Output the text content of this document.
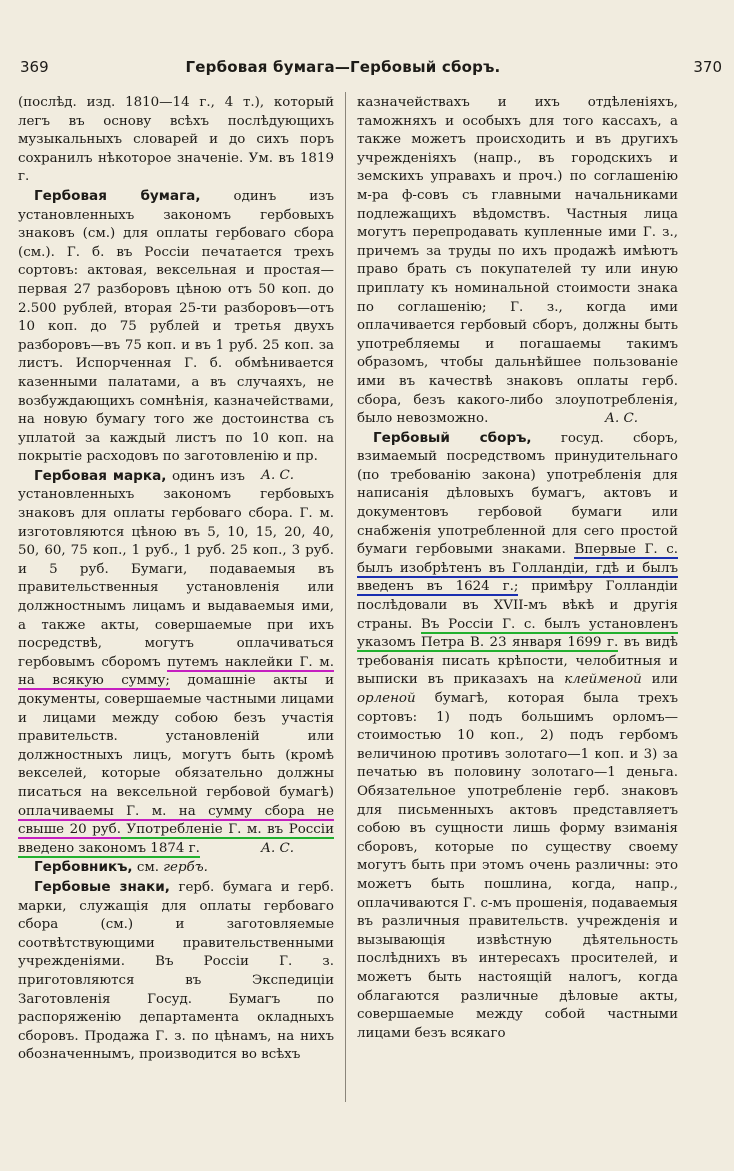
369	Гербовая бумага—Гербовый сборъ.	370

(послѣд. изд. 1810—14 г., 4 т.), который легъ въ основу всѣхъ послѣдующихъ музыкальныхъ словарей и до сихъ поръ сохранилъ нѣкоторое значеніе. Ум. въ 1819 г.

Гербовая бумага, одинъ изъ установленныхъ закономъ гербовыхъ знаковъ (см.) для оплаты гербоваго сбора (см.). Г. б. въ Россіи печатается трехъ сортовъ: актовая, вексельная и простая—первая 27 разборовъ цѣною отъ 50 коп. до 2.500 рублей, вторая 25-ти разборовъ—отъ 10 коп. до 75 рублей и третья двухъ разборовъ—въ 75 коп. и въ 1 руб. 25 коп. за листъ. Испорченная Г. б. обмѣнивается казенными палатами, а въ случаяхъ, не возбуждающихъ сомнѣнія, казначействами, на новую бумагу того же достоинства съ уплатой за каждый листъ по 10 коп. на покрытіе расходовъ по заготовленію и пр.
А. С.

Гербовая марка, одинъ изъ установленныхъ закономъ гербовыхъ знаковъ для оплаты гербоваго сбора. Г. м. изготовляются цѣною въ 5, 10, 15, 20, 40, 50, 60, 75 коп., 1 руб., 1 руб. 25 коп., 3 руб. и 5 руб. Бумаги, подаваемыя въ правительственныя установленія или должностнымъ лицамъ и выдаваемыя ими, а также акты, совершаемые при ихъ посредствѣ, могутъ оплачиваться гербовымъ сборомъ путемъ наклейки Г. м. на всякую сумму; домашніе акты и документы, совершаемые частными лицами и лицами между собою безъ участія правительств. установленій или должностныхъ лицъ, могутъ быть (кромѣ векселей, которые обязательно должны писаться на вексельной гербовой бумагѣ) оплачиваемы Г. м. на сумму сбора не свыше 20 руб. Употребленіе Г. м. въ Россіи введено закономъ 1874 г.	А. С.

Гербовникъ, см. гербъ.

Гербовые знаки, герб. бумага и герб. марки, служащія для оплаты гербоваго сбора (см.) и заготовляемые соотвѣтствующими правительственными учрежденіями. Въ Россіи Г. з. приготовляются въ Экспедиціи Заготовленія Госуд. Бумагъ по распоряженію департамента окладныхъ сборовъ. Продажа Г. з. по цѣнамъ, на нихъ обозначеннымъ, производится во всѣхъ

казначействахъ и ихъ отдѣленіяхъ, таможняхъ и особыхъ для того кассахъ, а также можетъ происходить и въ другихъ учрежденіяхъ (напр., въ городскихъ и земскихъ управахъ и проч.) по соглашенію м-ра ф-совъ съ главными начальниками подлежащихъ вѣдомствъ. Частныя лица могутъ перепродавать купленные ими Г. з., причемъ за труды по ихъ продажѣ имѣютъ право брать съ покупателей ту или иную приплату къ номинальной стоимости знака по соглашенію; Г. з., когда ими оплачивается гербовый сборъ, должны быть употребляемы и погашаемы такимъ образомъ, чтобы дальнѣйшее пользованіе ими въ качествѣ знаковъ оплаты герб. сбора, безъ какого-либо злоупотребленія, было невозможно.	А. С.

Гербовый сборъ, госуд. сборъ, взимаемый посредствомъ принудительнаго (по требованію закона) употребленія для написанія дѣловыхъ бумагъ, актовъ и документовъ гербовой бумаги или снабженія употребленной для сего простой бумаги гербовыми знаками. Впервые Г. с. былъ изобрѣтенъ въ Голландіи, гдѣ и былъ введенъ въ 1624 г.; примѣру Голландіи послѣдовали въ XVII-мъ вѣкѣ и другія страны. Въ Россіи Г. с. былъ установленъ указомъ Петра В. 23 января 1699 г. въ видѣ требованія писать крѣпости, челобитныя и выписки въ приказахъ на клейменой или орленой бумагѣ, которая была трехъ сортовъ: 1) подъ большимъ орломъ—стоимостью 10 коп., 2) подъ гербомъ величиною противъ золотаго—1 коп. и 3) за печатью въ половину золотаго—1 деньга. Обязательное употребленіе герб. знаковъ для письменныхъ актовъ представляетъ собою въ сущности лишь форму взиманія сборовъ, которые по существу своему могутъ быть при этомъ очень различны: это можетъ быть пошлина, когда, напр., оплачиваются Г. с-мъ прошенія, подаваемыя въ различныя правительств. учрежденія и вызывающія извѣстную дѣятельность послѣднихъ въ интересахъ просителей, и можетъ быть настоящій налогъ, когда облагаются различные дѣловые акты, совершаемые между собой частными лицами безъ всякаго
